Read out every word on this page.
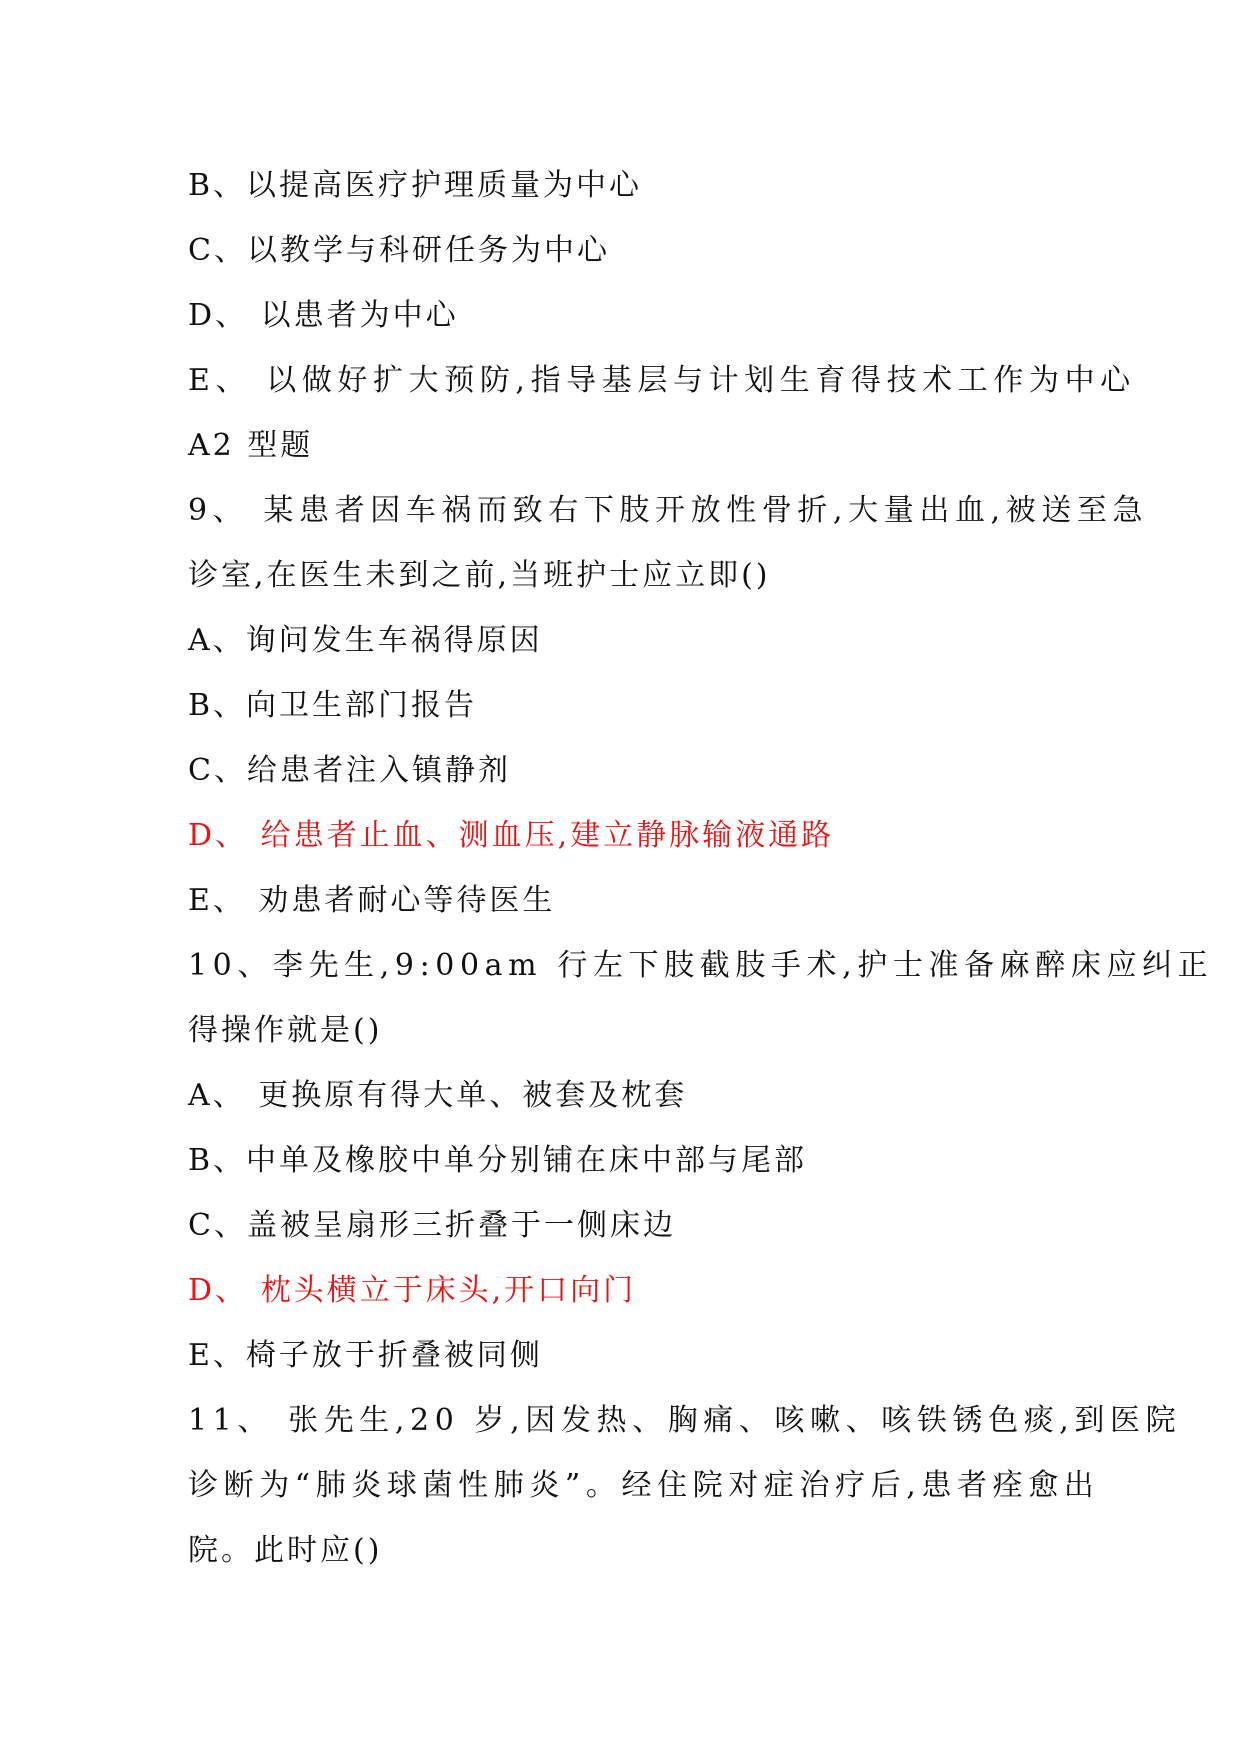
B、以提高医疗护理质量为中心
C、以教学与科研任务为中心
D、 以患者为中心
E、 以做好扩大预防,指导基层与计划生育得技术工作为中心
A2 型题
9、 某患者因车祸而致右下肢开放性骨折,大量出血,被送至急
诊室,在医生未到之前,当班护士应立即()
A、询问发生车祸得原因
B、向卫生部门报告
C、给患者注入镇静剂
D、 给患者止血、测血压,建立静脉输液通路
E、 劝患者耐心等待医生
10、李先生,9:00am 行左下肢截肢手术,护士准备麻醉床应纠正
得操作就是()
A、 更换原有得大单、被套及枕套
B、中单及橡胶中单分别铺在床中部与尾部
C、盖被呈扇形三折叠于一侧床边
D、 枕头横立于床头,开口向门
E、椅子放于折叠被同侧
11、 张先生,20 岁,因发热、胸痛、咳嗽、咳铁锈色痰,到医院
诊断为“肺炎球菌性肺炎”。经住院对症治疗后,患者痊愈出
院。此时应()
